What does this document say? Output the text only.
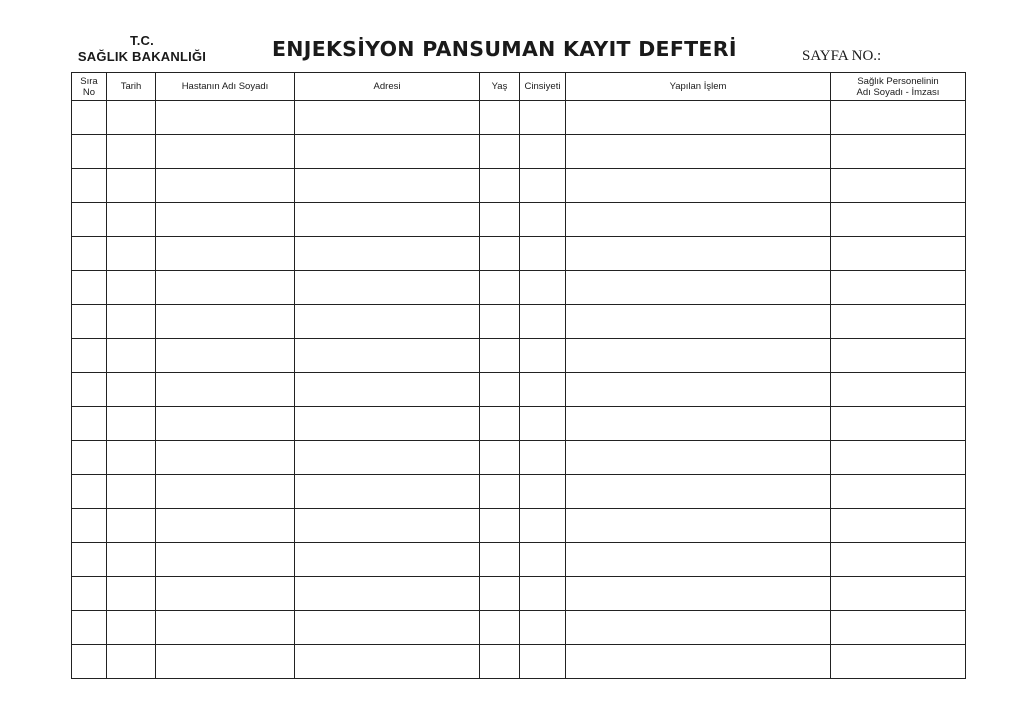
T.C.
SAĞLIK BAKANLIĞI	ENJEKSİYON PANSUMAN KAYIT DEFTERİ	SAYFA NO.:
Sıra
No	Tarih	Hastanın Adı Soyadı	Adresi	Yaş	Cinsiyeti	Yapılan İşlem	Sağlık Personelinin
Adı Soyadı - İmzası
